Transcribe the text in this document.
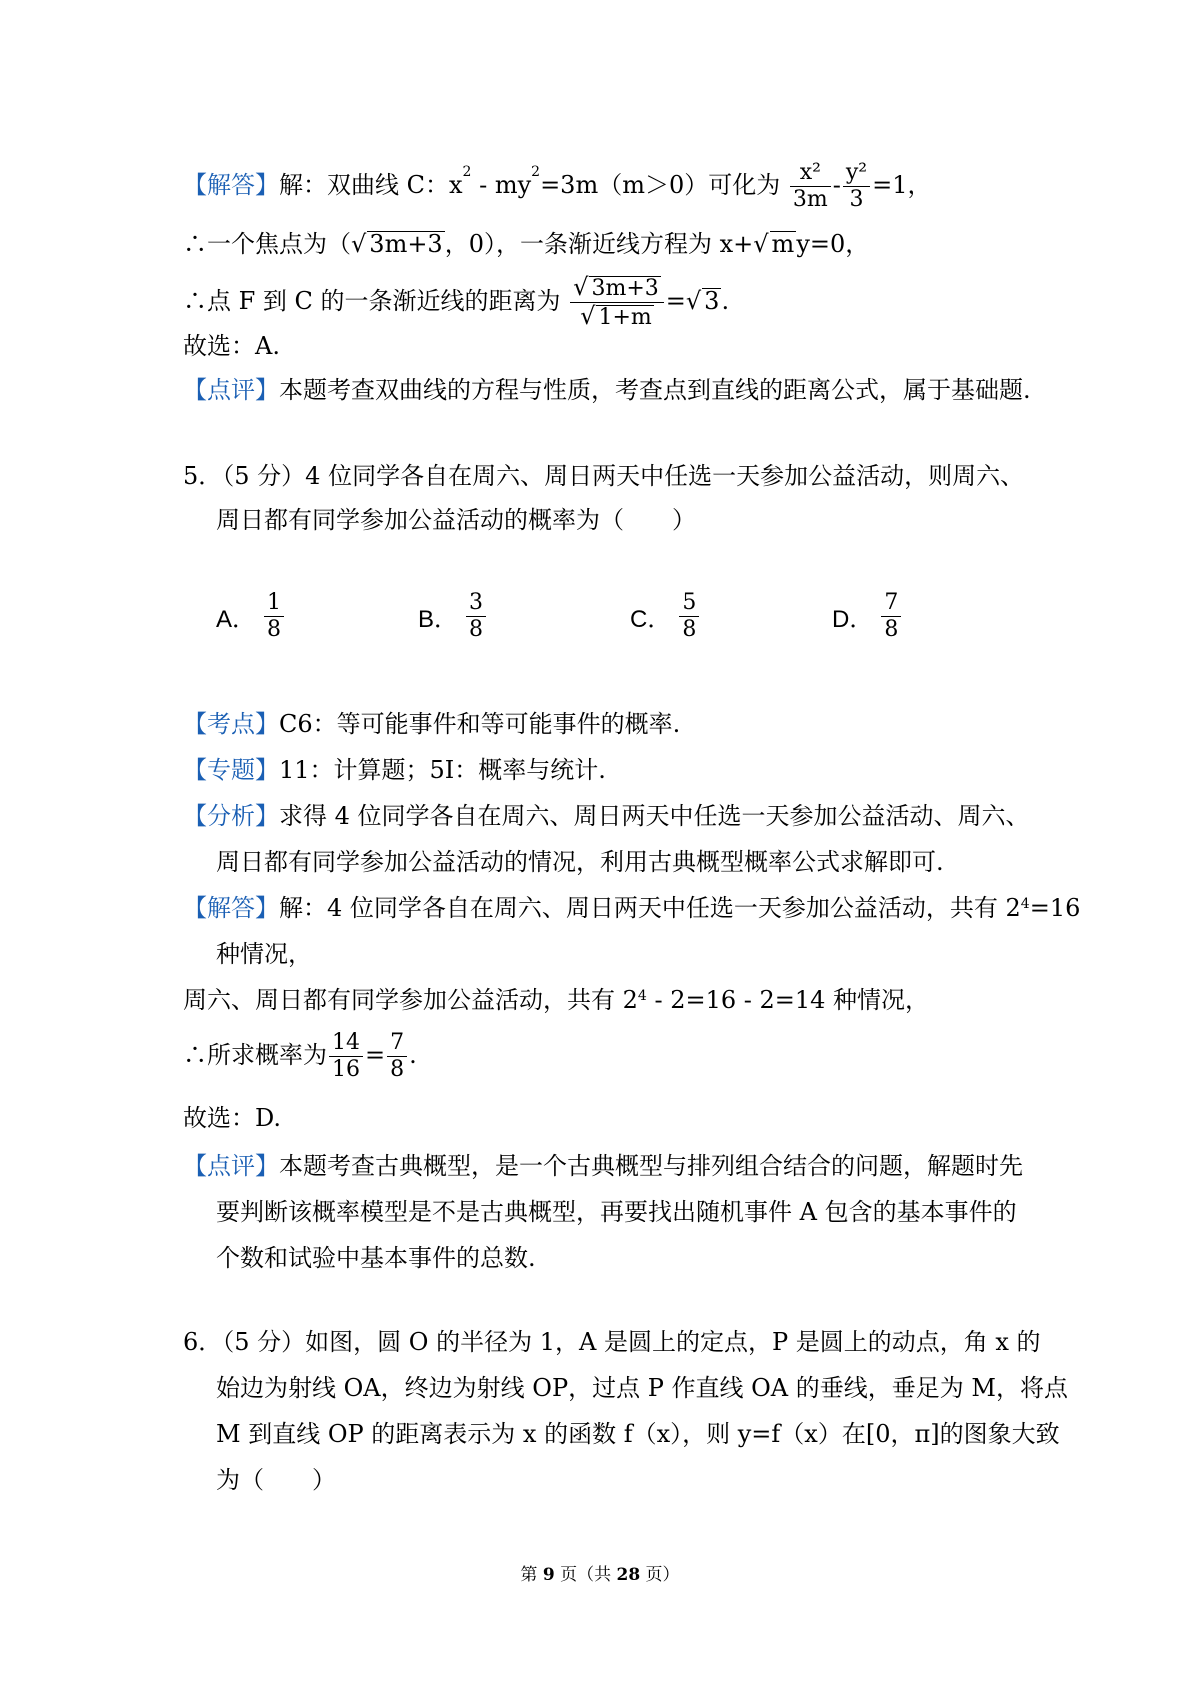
【解答】解：双曲线 C：$x^2 - my^2=3m(m>0)$可化为 $\frac{\text{x²}}{3m} - \frac{\text{y²}}{3} =1$，
∴一个焦点为（√ 3m+3，0），一条渐近线方程为 x+√ my=0，
∴点 F 到 C 的一条渐近线的距离为 $\frac{√ 3m+3}{√ 1+m}$ =√ 3.
故选：A.
【点评】本题考查双曲线的方程与性质，考查点到直线的距离公式，属于基础题.
5．（5 分）4 位同学各自在周六、周日两天中任选一天参加公益活动，则周六、
周日都有同学参加公益活动的概率为（　　）
A． $\frac{1}{8}$	B． $\frac{3}{8}$	C． $\frac{5}{8}$	D． $\frac{7}{8}$
【考点】C6：等可能事件和等可能事件的概率.
【专题】11：计算题；5I：概率与统计.
【分析】求得 4 位同学各自在周六、周日两天中任选一天参加公益活动、周六、
周日都有同学参加公益活动的情况，利用古典概型概率公式求解即可.
【解答】解：4 位同学各自在周六、周日两天中任选一天参加公益活动，共有 $2^4=16$
种情况，
周六、周日都有同学参加公益活动，共有 $2^4 - 2=16 - 2=14$ 种情况，
∴所求概率为 $\frac{14}{16} = \frac{7}{8}$ .
故选：D.
【点评】本题考查古典概型，是一个古典概型与排列组合结合的问题，解题时先
要判断该概率模型是不是古典概型，再要找出随机事件 A 包含的基本事件的
个数和试验中基本事件的总数.
6．（5 分）如图，圆 O 的半径为 1，A 是圆上的定点，P 是圆上的动点，角 x 的
始边为射线 OA，终边为射线 OP，过点 P 作直线 OA 的垂线，垂足为 M，将点
M 到直线 OP 的距离表示为 x 的函数 f（x），则 y=f（x）在[0，π]的图象大致
为（　　）
第 9 页（共 28 页）
